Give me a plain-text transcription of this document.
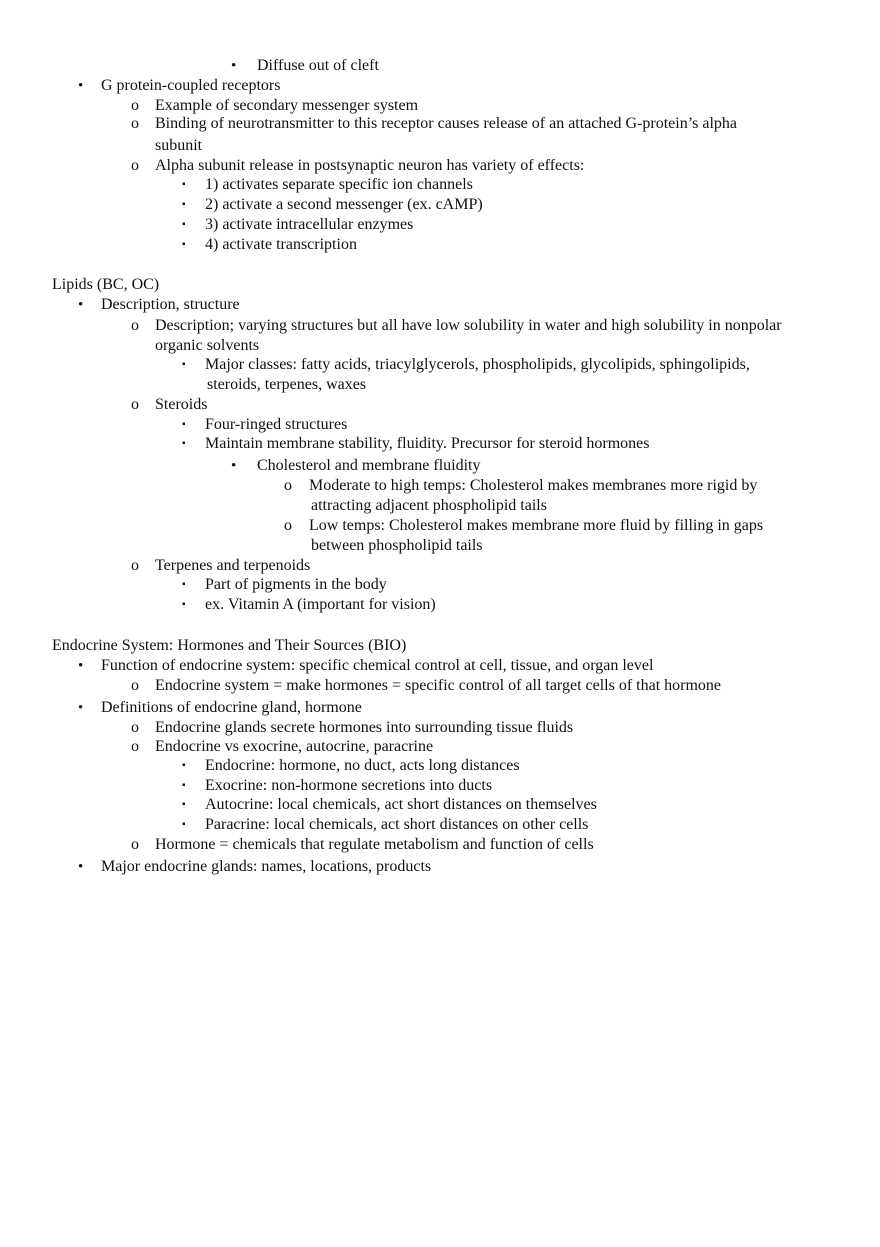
• Diffuse out of cleft
• G protein-coupled receptors
o Example of secondary messenger system
o Binding of neurotransmitter to this receptor causes release of an attached G-protein’s alpha
subunit
o Alpha subunit release in postsynaptic neuron has variety of effects:
▪ 1) activates separate specific ion channels
▪ 2) activate a second messenger (ex. cAMP)
▪ 3) activate intracellular enzymes
▪ 4) activate transcription
Lipids (BC, OC)
• Description, structure
o Description; varying structures but all have low solubility in water and high solubility in nonpolar
organic solvents
▪ Major classes: fatty acids, triacylglycerols, phospholipids, glycolipids, sphingolipids,
steroids, terpenes, waxes
o Steroids
▪ Four-ringed structures
▪ Maintain membrane stability, fluidity. Precursor for steroid hormones
• Cholesterol and membrane fluidity
o Moderate to high temps: Cholesterol makes membranes more rigid by
attracting adjacent phospholipid tails
o Low temps: Cholesterol makes membrane more fluid by filling in gaps
between phospholipid tails
o Terpenes and terpenoids
▪ Part of pigments in the body
▪ ex. Vitamin A (important for vision)
Endocrine System: Hormones and Their Sources (BIO)
• Function of endocrine system: specific chemical control at cell, tissue, and organ level
o Endocrine system = make hormones = specific control of all target cells of that hormone
• Definitions of endocrine gland, hormone
o Endocrine glands secrete hormones into surrounding tissue fluids
o Endocrine vs exocrine, autocrine, paracrine
▪ Endocrine: hormone, no duct, acts long distances
▪ Exocrine: non-hormone secretions into ducts
▪ Autocrine: local chemicals, act short distances on themselves
▪ Paracrine: local chemicals, act short distances on other cells
o Hormone = chemicals that regulate metabolism and function of cells
• Major endocrine glands: names, locations, products
